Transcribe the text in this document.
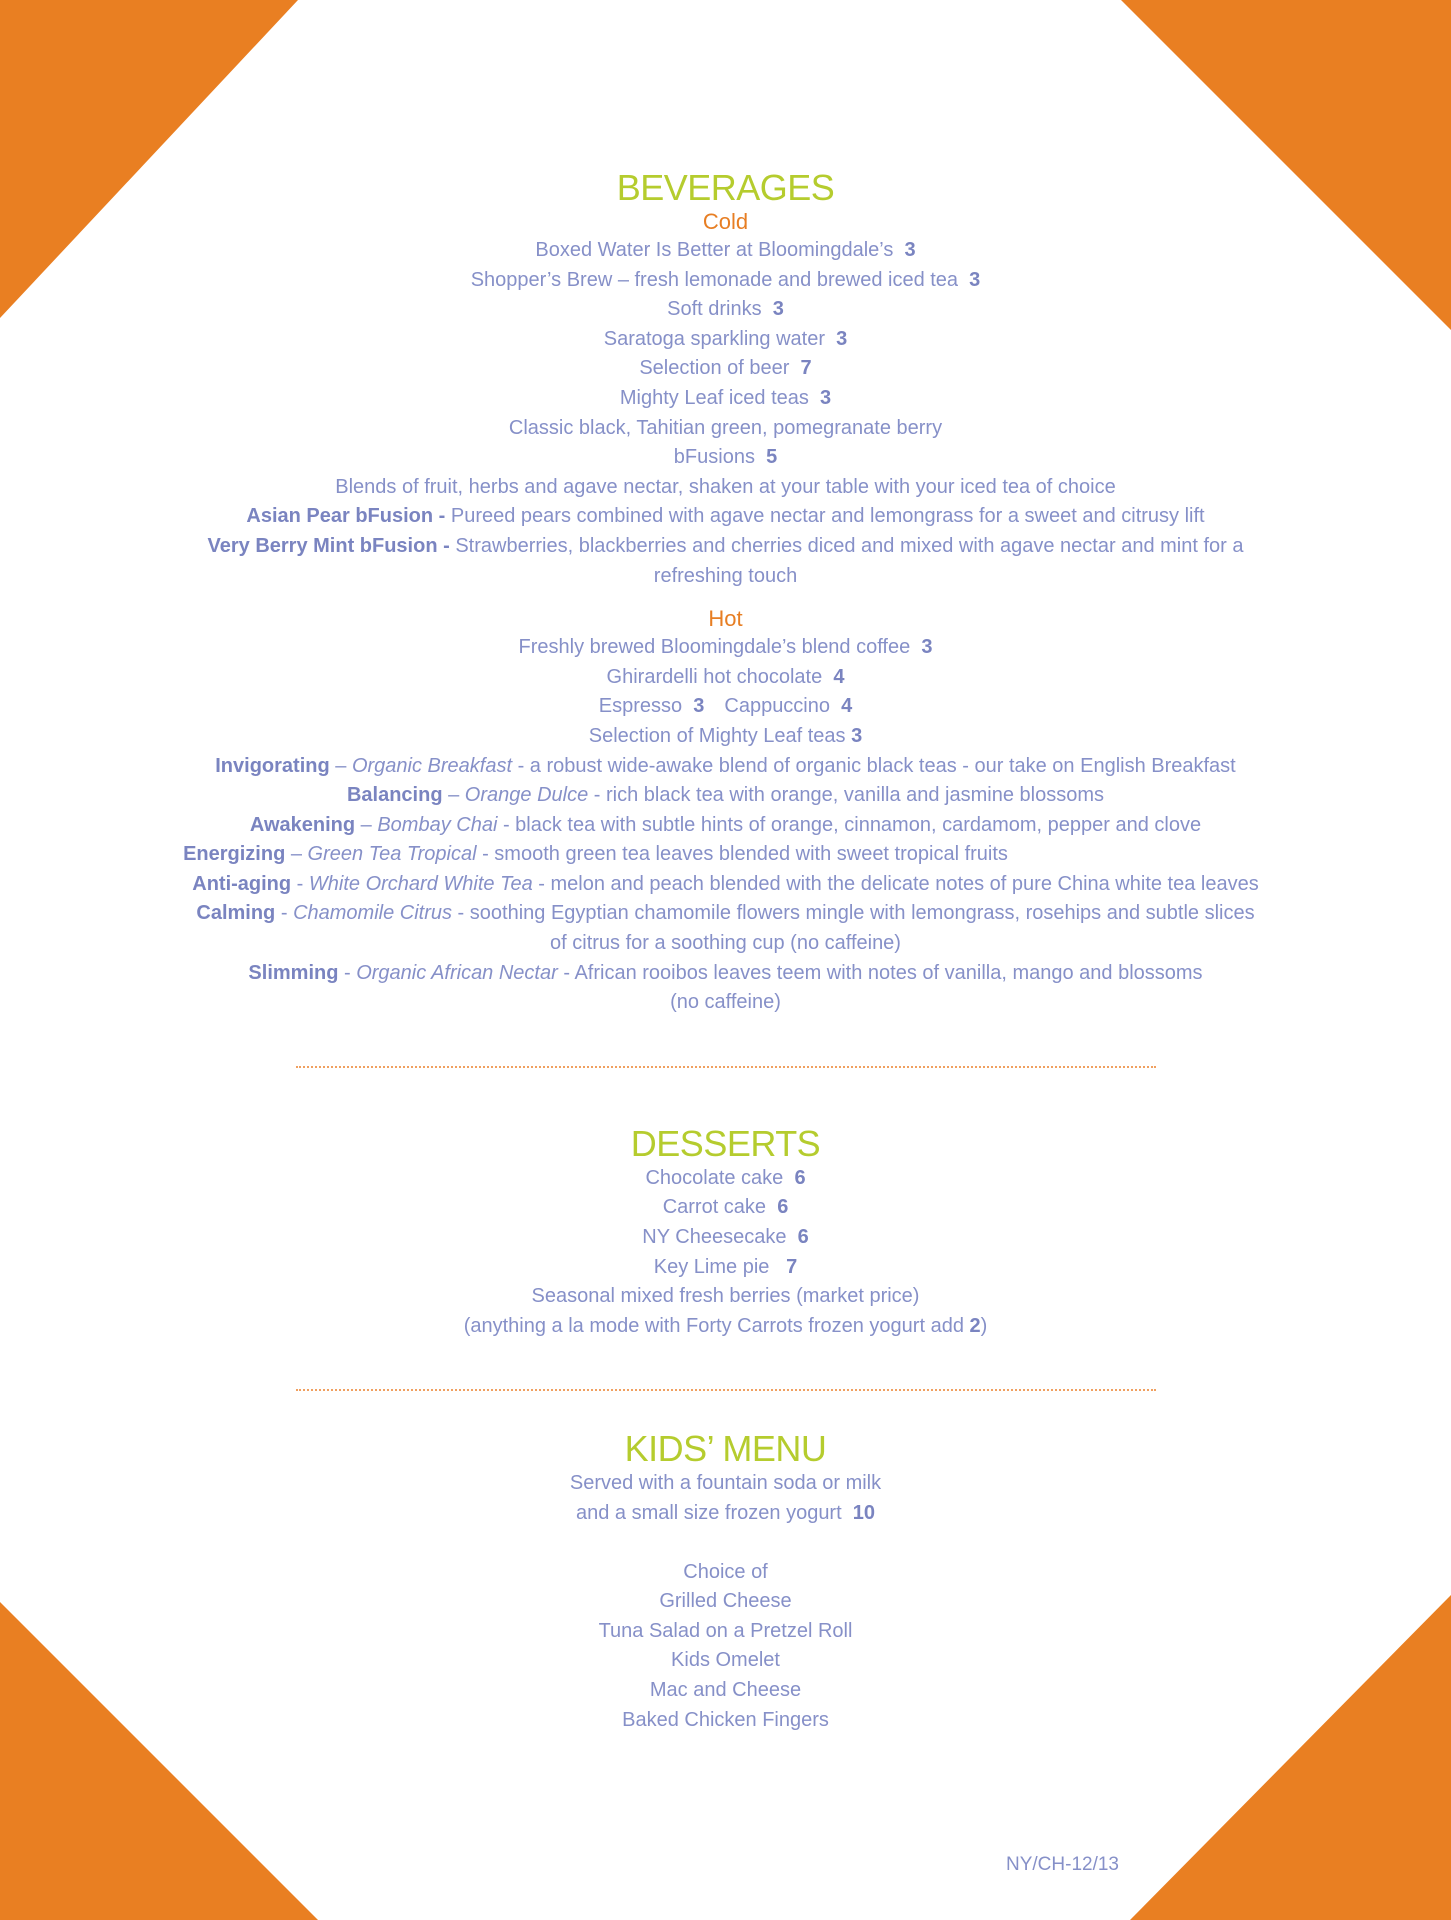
BEVERAGES
Cold
Boxed Water Is Better at Bloomingdale’s 3
Shopper’s Brew – fresh lemonade and brewed iced tea 3
Soft drinks 3
Saratoga sparkling water 3
Selection of beer 7
Mighty Leaf iced teas 3
Classic black, Tahitian green, pomegranate berry
bFusions 5
Blends of fruit, herbs and agave nectar, shaken at your table with your iced tea of choice
Asian Pear bFusion - Pureed pears combined with agave nectar and lemongrass for a sweet and citrusy lift
Very Berry Mint bFusion - Strawberries, blackberries and cherries diced and mixed with agave nectar and mint for a refreshing touch
Hot
Freshly brewed Bloomingdale’s blend coffee 3
Ghirardelli hot chocolate 4
Espresso 3 Cappuccino 4
Selection of Mighty Leaf teas 3
Invigorating – Organic Breakfast - a robust wide-awake blend of organic black teas - our take on English Breakfast
Balancing – Orange Dulce - rich black tea with orange, vanilla and jasmine blossoms
Awakening – Bombay Chai - black tea with subtle hints of orange, cinnamon, cardamom, pepper and clove
Energizing – Green Tea Tropical - smooth green tea leaves blended with sweet tropical fruits
Anti-aging - White Orchard White Tea - melon and peach blended with the delicate notes of pure China white tea leaves
Calming - Chamomile Citrus - soothing Egyptian chamomile flowers mingle with lemongrass, rosehips and subtle slices
of citrus for a soothing cup (no caffeine)
Slimming - Organic African Nectar - African rooibos leaves teem with notes of vanilla, mango and blossoms
(no caffeine)
DESSERTS
Chocolate cake 6
Carrot cake 6
NY Cheesecake 6
Key Lime pie   7
Seasonal mixed fresh berries (market price)
(anything a la mode with Forty Carrots frozen yogurt add 2)
KIDS’ MENU
Served with a fountain soda or milk
and a small size frozen yogurt 10
Choice of
Grilled Cheese
Tuna Salad on a Pretzel Roll
Kids Omelet
Mac and Cheese
Baked Chicken Fingers
NY/CH-12/13
